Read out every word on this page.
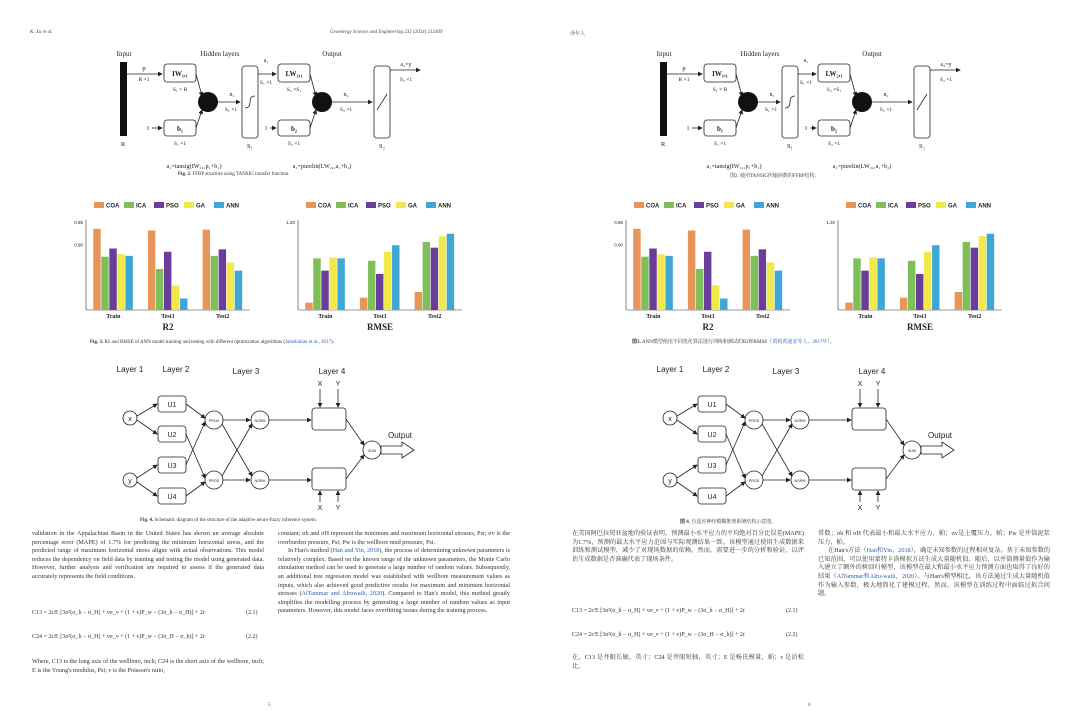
K. Xu et al.	Geoenergy Science and Engineering 232 (2024) 212409
Input	Hidden layers	Output
R
p
R ×1
IW₁,₁
S₁ × R
1	b₁
S₁ ×1
n₁
S₁ ×1
S₁
a₁
S₁ ×1
LW₂,₁
S₂ ×S₁
1	b₂
S₂ ×1
n₂
S₂ ×1
S₂
a₂=y
S₂ ×1
a₁=tansig(IW₁,₁p₁+b₁)	a₂=purelin(LW₂,₁a₁+b₂)
Fig. 2. FFBP structure using TANSIG transfer function.
COA	ICA	PSO	GA	ANN
0.85
0.90
Train	Test1	Test2
R2
COA	ICA	PSO	GA	ANN
1.20
Train	Test1	Test2
RMSE
Fig. 3. R2 and RMSE of ANN model training and testing with different optimization algorithms (Jamshidian et al., 2017).
Layer 1 Layer 2	Layer 3	Layer 4
x
y
U1
U2
U3
U4
PROD
PROD
NORM
NORM
X Y
X Y
SUM
Output
Fig. 4. Schematic diagram of the structure of the adaptive neuro-fuzzy inference system.
validation in the Appalachian Basin in the United States has shown an average absolute percentage error (MAPE) of 1.7% for predicting the minimum horizontal stress, and the predicted range of maximum horizontal stress aligns with actual observations. This model reduces the dependency on field data by training and testing the model using generated data. However, further analysis and verification are required to assess if the generated data accurately represents the field conditions.
C13 = 2r/E [3σ²(σ_h − σ_H) + νσ_v + (1 + ν)P_w − (3σ_h − σ_H)] + 2r	(2.1)
C24 = 2r/E [3σ²(σ_h − σ_H) + νσ_v + (1 + ν)P_w − (3σ_H − σ_h)] + 2r	(2.2)
Where, C13 is the long axis of the wellbore, inch; C24 is the short axis of the wellbore, inch; E is the Young's modulus, Psi; ν is the Poisson's ratio,

constant; σh and σH represent the minimum and maximum horizontal stresses, Psi; σv is the overburden pressure, Psi; Pw is the wellbore mud pressure, Psi.

In Han's method (Han and Yin, 2018), the process of determining unknown parameters is relatively complex. Based on the known range of the unknown parameters, the Monte Carlo simulation method can be used to generate a large number of random values. Subsequently, an additional tree regression model was established with wellbore measurement values as inputs, which also achieved good predictive results for maximum and minimum horizontal stresses (AlTammar and Alruwaili, 2020). Compared to Han's model, this method greatly simplifies the modelling process by generating a large number of random values as input parameters. However, this model faces overfitting issues during the training process.

5
译年人
Input	Hidden layers	Output
R
p
R ×1
IW₁,₁
S₁ × R
1	b₁
S₁ ×1
n₁
S₁ ×1
S₁
a₁
S₁ ×1
LW₂,₁
S₂ ×S₁
1	b₂
S₂ ×1
n₂
S₂ ×1
S₂
a₂=y
S₂ ×1
a₁=tansig(IW₁,₁p₁+b₁)	a₂=purelin(LW₂,₁a₁+b₂)
图2. 使用TANSIG传输函数的FFBP结构。
COA	ICA	PSO	GA	ANN
0.85
0.90
Train	Test1	Test2
R2
COA	ICA	PSO	GA	ANN
1.20
Train	Test1	Test2
RMSE
图3. ANN模型使用不同优化算法进行训练和测试的R2和RMSE（贾姆希迪安等人，2017年）。
Layer 1 Layer 2	Layer 3	Layer 4
x
y
U1
U2
U3
U4
PROD
PROD
NORM
NORM
X Y
X Y
SUM
Output
图 4. 自适应神经模糊推理系统结构示意图。
在美国阿巴拉契亚盆地的验证表明，预测最小水平应力的平均绝对百分比误差(MAPE)为1.7%，预测的最大水平应力范围与实际观测结果一致。该模型通过使用生成数据来训练和测试模型，减少了对现场数据的依赖。然而，需要进一步的分析和验证，以评估生成数据是否准确代表了现场条件。
C13 = 2r/E [3σ²(σ_h − σ_H) + νσ_v + (1 + ν)P_w − (3σ_h − σ_H)] + 2r	(2.1)
C24 = 2r/E [3σ²(σ_h − σ_H) + νσ_v + (1 + ν)P_w − (3σ_H − σ_h)] + 2r	(2.2)
在，C13 是井眼长轴，英寸；C24 是井眼短轴，英寸；E 是杨氏模量，帕；ν 是泊松比，

常数；σh 和 σH 代表最小和最大水平应力，帕；σv是上覆压力，帕；Pw 是井筒泥浆压力，帕。

在Han's方法（Han和Yin，2018），确定未知参数的过程相对复杂。基于未知参数的已知范围，可以使用蒙特卡洛模拟方法生成大量随机值。随后，以井筒测量值作为输入建立了额外的树回归模型，该模型在最大和最小水平应力预测方面也取得了良好的结果（AlTammar和Alru-waili，2020）。与Han's模型相比，该方法通过生成大量随机值作为输入参数，极大地简化了建模过程。然而，该模型在训练过程中面临过拟合问题。

6
